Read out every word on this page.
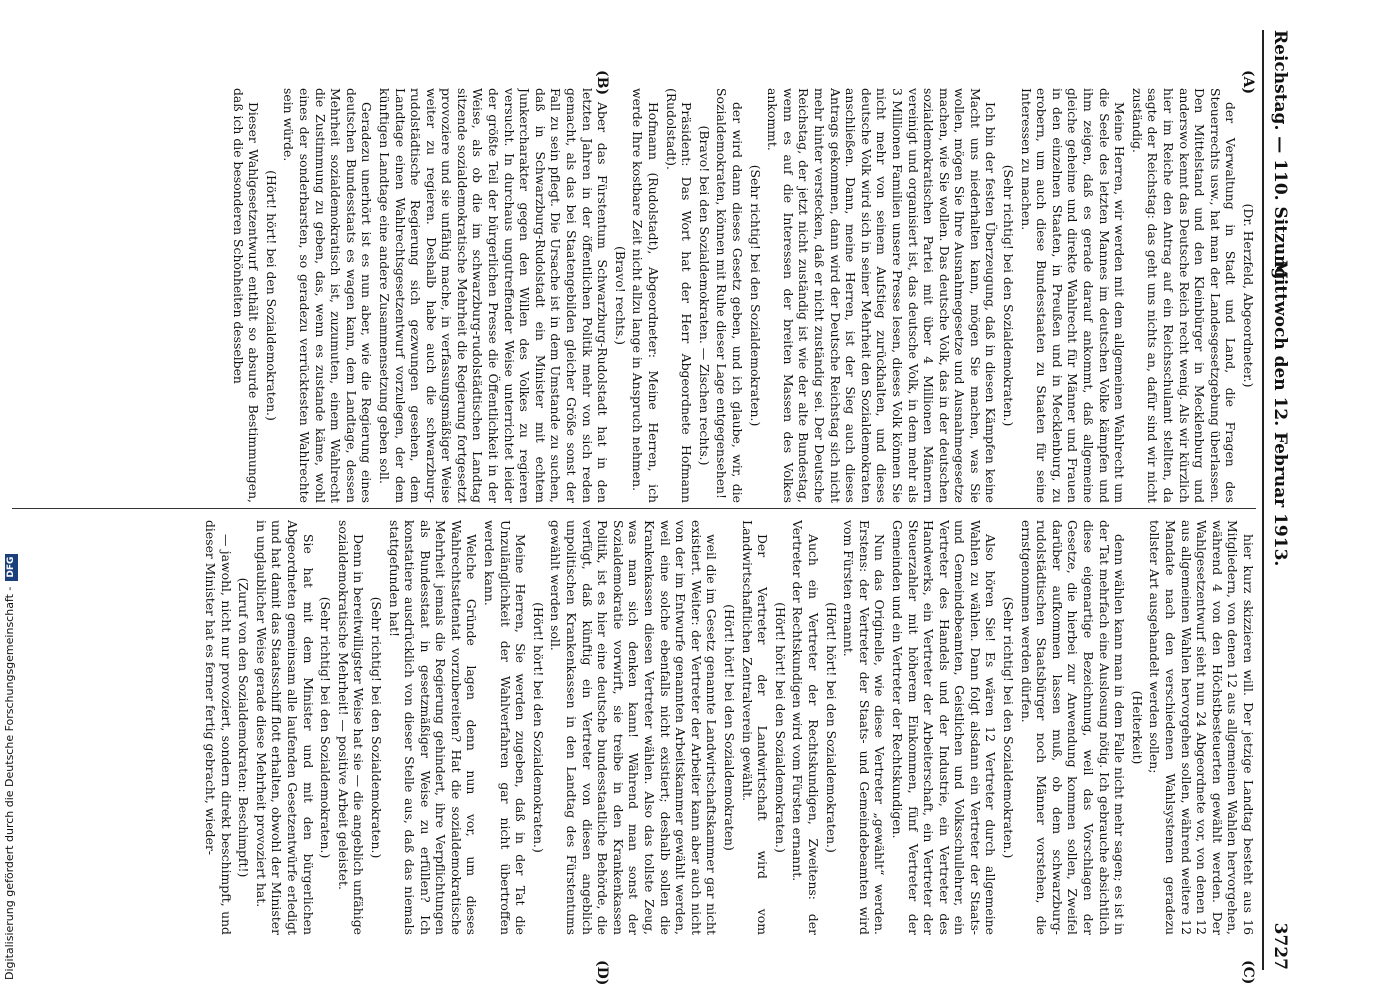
Reichstag. — 110. Sitzung.
Mittwoch den 12. Februar 1913.
3727
(A)
(B)
(C)
(D)

(Dr. Herzfeld, Abgeordneter.)

der Verwaltung in Stadt und Land, die Fragen des Steuerrechts usw., hat man der Landesgesetzgebung überlassen. Den Mittelstand und den Kleinbürger in Mecklenburg und anderswo kennt das Deutsche Reich recht wenig. Als wir kürzlich hier im Reiche den Antrag auf ein Reichsschulamt stellten, da sagte der Reichstag: das geht uns nichts an, dafür sind wir nicht zuständig.

Meine Herren, wir werden mit dem allgemeinen Wahlrecht um die Seele des letzten Mannes im deutschen Volke kämpfen und ihm zeigen, daß es gerade darauf ankommt, daß allgemeine gleiche geheime und direkte Wahlrecht für Männer und Frauen in den einzelnen Staaten, in Preußen und in Mecklenburg, zu erobern, um auch diese Bundesstaaten zu Staaten für seine Interessen zu machen.

(Sehr richtig! bei den Sozialdemokraten.)

Ich bin der festen Überzeugung, daß in diesen Kämpfen keine Macht uns niederhalten kann, mögen Sie machen, was Sie wollen, mögen Sie Ihre Ausnahmegesetze und Ausnahmegesetze machen, wie Sie wollen. Das deutsche Volk, das in der deutschen sozialdemokratischen Partei mit über 4 Millionen Männern vereinigt und organisiert ist, das deutsche Volk, in dem mehr als 3 Millionen Familien unsere Presse lesen, dieses Volk können Sie nicht mehr von seinem Aufstieg zurückhalten, und dieses deutsche Volk wird sich in seiner Mehrheit den Sozialdemokraten anschließen. Dann, meine Herren, ist der Sieg auch dieses Antrags gekommen, dann wird der Deutsche Reichstag sich nicht mehr hinter verstecken, daß er nicht zuständig sei. Der Deutsche Reichstag, der jetzt nicht zuständig ist wie der alte Bundestag, wenn es auf die Interessen der breiten Massen des Volkes ankommt.

(Sehr richtig! bei den Sozialdemokraten.)

der wird dann dieses Gesetz geben, und ich glaube, wir, die Sozialdemokraten, können mit Ruhe dieser Lage entgegensehen!

(Bravo! bei den Sozialdemokraten. — Zischen rechts.)

Präsident: Das Wort hat der Herr Abgeordnete Hofmann (Rudolstadt).

Hofmann (Rudolstadt), Abgeordneter: Meine Herren, ich werde Ihre kostbare Zeit nicht allzu lange in Anspruch nehmen.

(Bravo! rechts.)

Aber das Fürstentum Schwarzburg-Rudolstadt hat in den letzten Jahren in der öffentlichen Politik mehr von sich reden gemacht, als das bei Staatengebilden gleicher Größe sonst der Fall zu sein pflegt. Die Ursache ist in dem Umstande zu suchen, daß in Schwarzburg-Rudolstadt ein Minister mit echtem Junkercharakter gegen den Willen des Volkes zu regieren versucht. In durchaus ungutreffender Weise unterrichtet leider der größte Teil der bürgerlichen Presse die Öffentlichkeit in der Weise, als ob die im schwarzburg-rudolstädtischen Landtag sitzende sozialdemokratische Mehrheit die Regierung fortgesetzt provoziere und sie unfähig mache, in verfassungsmäßiger Weise weiter zu regieren. Deshalb habe auch die schwarzburg-rudolstädtische Regierung sich gezwungen gesehen, dem Landtage einen Wahlrechtsgesetzentwurf vorzulegen, der dem künftigen Landtage eine andere Zusammensetzung geben soll.

Geradezu unerhört ist es nun aber, wie die Regierung eines deutschen Bundesstaats es wagen kann, dem Landtage, dessen Mehrheit sozialdemokratisch ist, zuzumuten, einem Wahlrecht die Zustimmung zu geben, das, wenn es zustande käme, wohl eines der sonderbarsten, so geradezu verrücktesten Wahlrechte sein würde.

(Hört! hört! bei den Sozialdemokraten.)

Dieser Wahlgesetzentwurf enthält so absurde Bestimmungen, daß ich die besonderen Schönheiten desselben

hier kurz skizzieren will. Der jetzige Landtag besteht aus 16 Mitgliedern, von denen 12 aus allgemeinen Wahlen hervorgehen, während 4 von den Höchstbesteuerten gewählt werden. Der Wahlgesetzentwurf sieht nun 24 Abgeordnete vor, von denen 12 aus allgemeinen Wahlen hervorgehen sollen, während weitere 12 Mandate nach den verschiedenen Wahlsystemen geradezu tollster Art ausgehandelt werden sollen;

(Heiterkeit)

denn wählen kann man in dem Falle nicht mehr sagen; es ist in der Tat mehrfach eine Auslosung nötig. Ich gebrauche absichtlich diese eigenartige Bezeichnung, weil das Vorschlagen der Gesetze, die hierbei zur Anwendung kommen sollen, Zweifel darüber aufkommen lassen muß, ob dem schwarzburg-rudolstädtischen Staatsbürger noch Männer vorstehen, die ernstgenommen werden dürfen.

(Sehr richtig! bei den Sozialdemokraten.)

Also hören Sie! Es wären 12 Vertreter durch allgemeine Wahlen zu wählen. Dann folgt alsdann ein Vertreter der Staats- und Gemeindebeamten, Geistlichen und Volksschullehrer, ein Vertreter des Handels und der Industrie, ein Vertreter des Handwerks, ein Vertreter der Arbeiterschaft, ein Vertreter der Steuerzahler mit höherem Einkommen, fünf Vertreter der Gemeinden und ein Vertreter der Rechtskundigen.

Nun das Originelle, wie diese Vertreter „gewählt“ werden. Erstens: der Vertreter der Staats- und Gemeindebeamten wird vom Fürsten ernannt.

(Hört! hört! bei den Sozialdemokraten.)

Auch ein Vertreter der Rechtskundigen, Zweitens: der Vertreter der Rechtskundigen wird vom Fürsten ernannt.

(Hört! hört! bei den Sozialdemokraten.)

Der Vertreter der Landwirtschaft wird vom Landwirtschaftlichen Zentralverein gewählt.

(Hört! hört! bei den Sozialdemokraten)

weil die im Gesetz genannte Landwirtschaftskammer gar nicht existiert. Weiter: der Vertreter der Arbeiter kann aber auch nicht von der im Entwurfe genannten Arbeitskammer gewählt werden, weil eine solche ebenfalls nicht existiert; deshalb sollen die Krankenkassen diesen Vertreter wählen. Also das tollste Zeug, was man sich denken kann! Während man sonst der Sozialdemokratie vorwirft, sie treibe in den Krankenkassen Politik, ist es hier eine deutsche bundesstaatliche Behörde, die verfügt, daß künftig ein Vertreter von diesen angeblich unpolitischen Krankenkassen in den Landtag des Fürstentums gewählt werden soll.

(Hört! hört! bei den Sozialdemokraten.)

Meine Herren, Sie werden zugeben, daß in der Tat die Unzulänglichkeit der Wahlverfahren gar nicht übertroffen werden kann.

Welche Gründe lagen denn nun vor, um dieses Wahlrechtsattentat vorzubereiten? Hat die sozialdemokratische Mehrheit jemals die Regierung gehindert, ihre Verpflichtungen als Bundesstaat in gesetzmäßiger Weise zu erfüllen? Ich konstatiere ausdrücklich von dieser Stelle aus, daß das niemals stattgefunden hat!

(Sehr richtig! bei den Sozialdemokraten.)

Denn in bereitwilligster Weise hat sie — die angeblich unfähige sozialdemokratische Mehrheit! — positive Arbeit geleistet.

(Sehr richtig! bei den Sozialdemokraten.)

Sie hat mit dem Minister und mit den bürgerlichen Abgeordneten gemeinsam alle laufenden Gesetzentwürfe erledigt und hat damit das Staatsschiff flott erhalten, obwohl der Minister in unglaublicher Weise gerade diese Mehrheit provoziert hat.

(Zuruf von den Sozialdemokraten: Beschimpft!)

— jawohl, nicht nur provoziert, sondern direkt beschimpft, und dieser Minister hat es ferner fertig gebracht, wieder-

Digitalisierung gefördert durch die Deutsche Forschungsgemeinschaft -DFG
